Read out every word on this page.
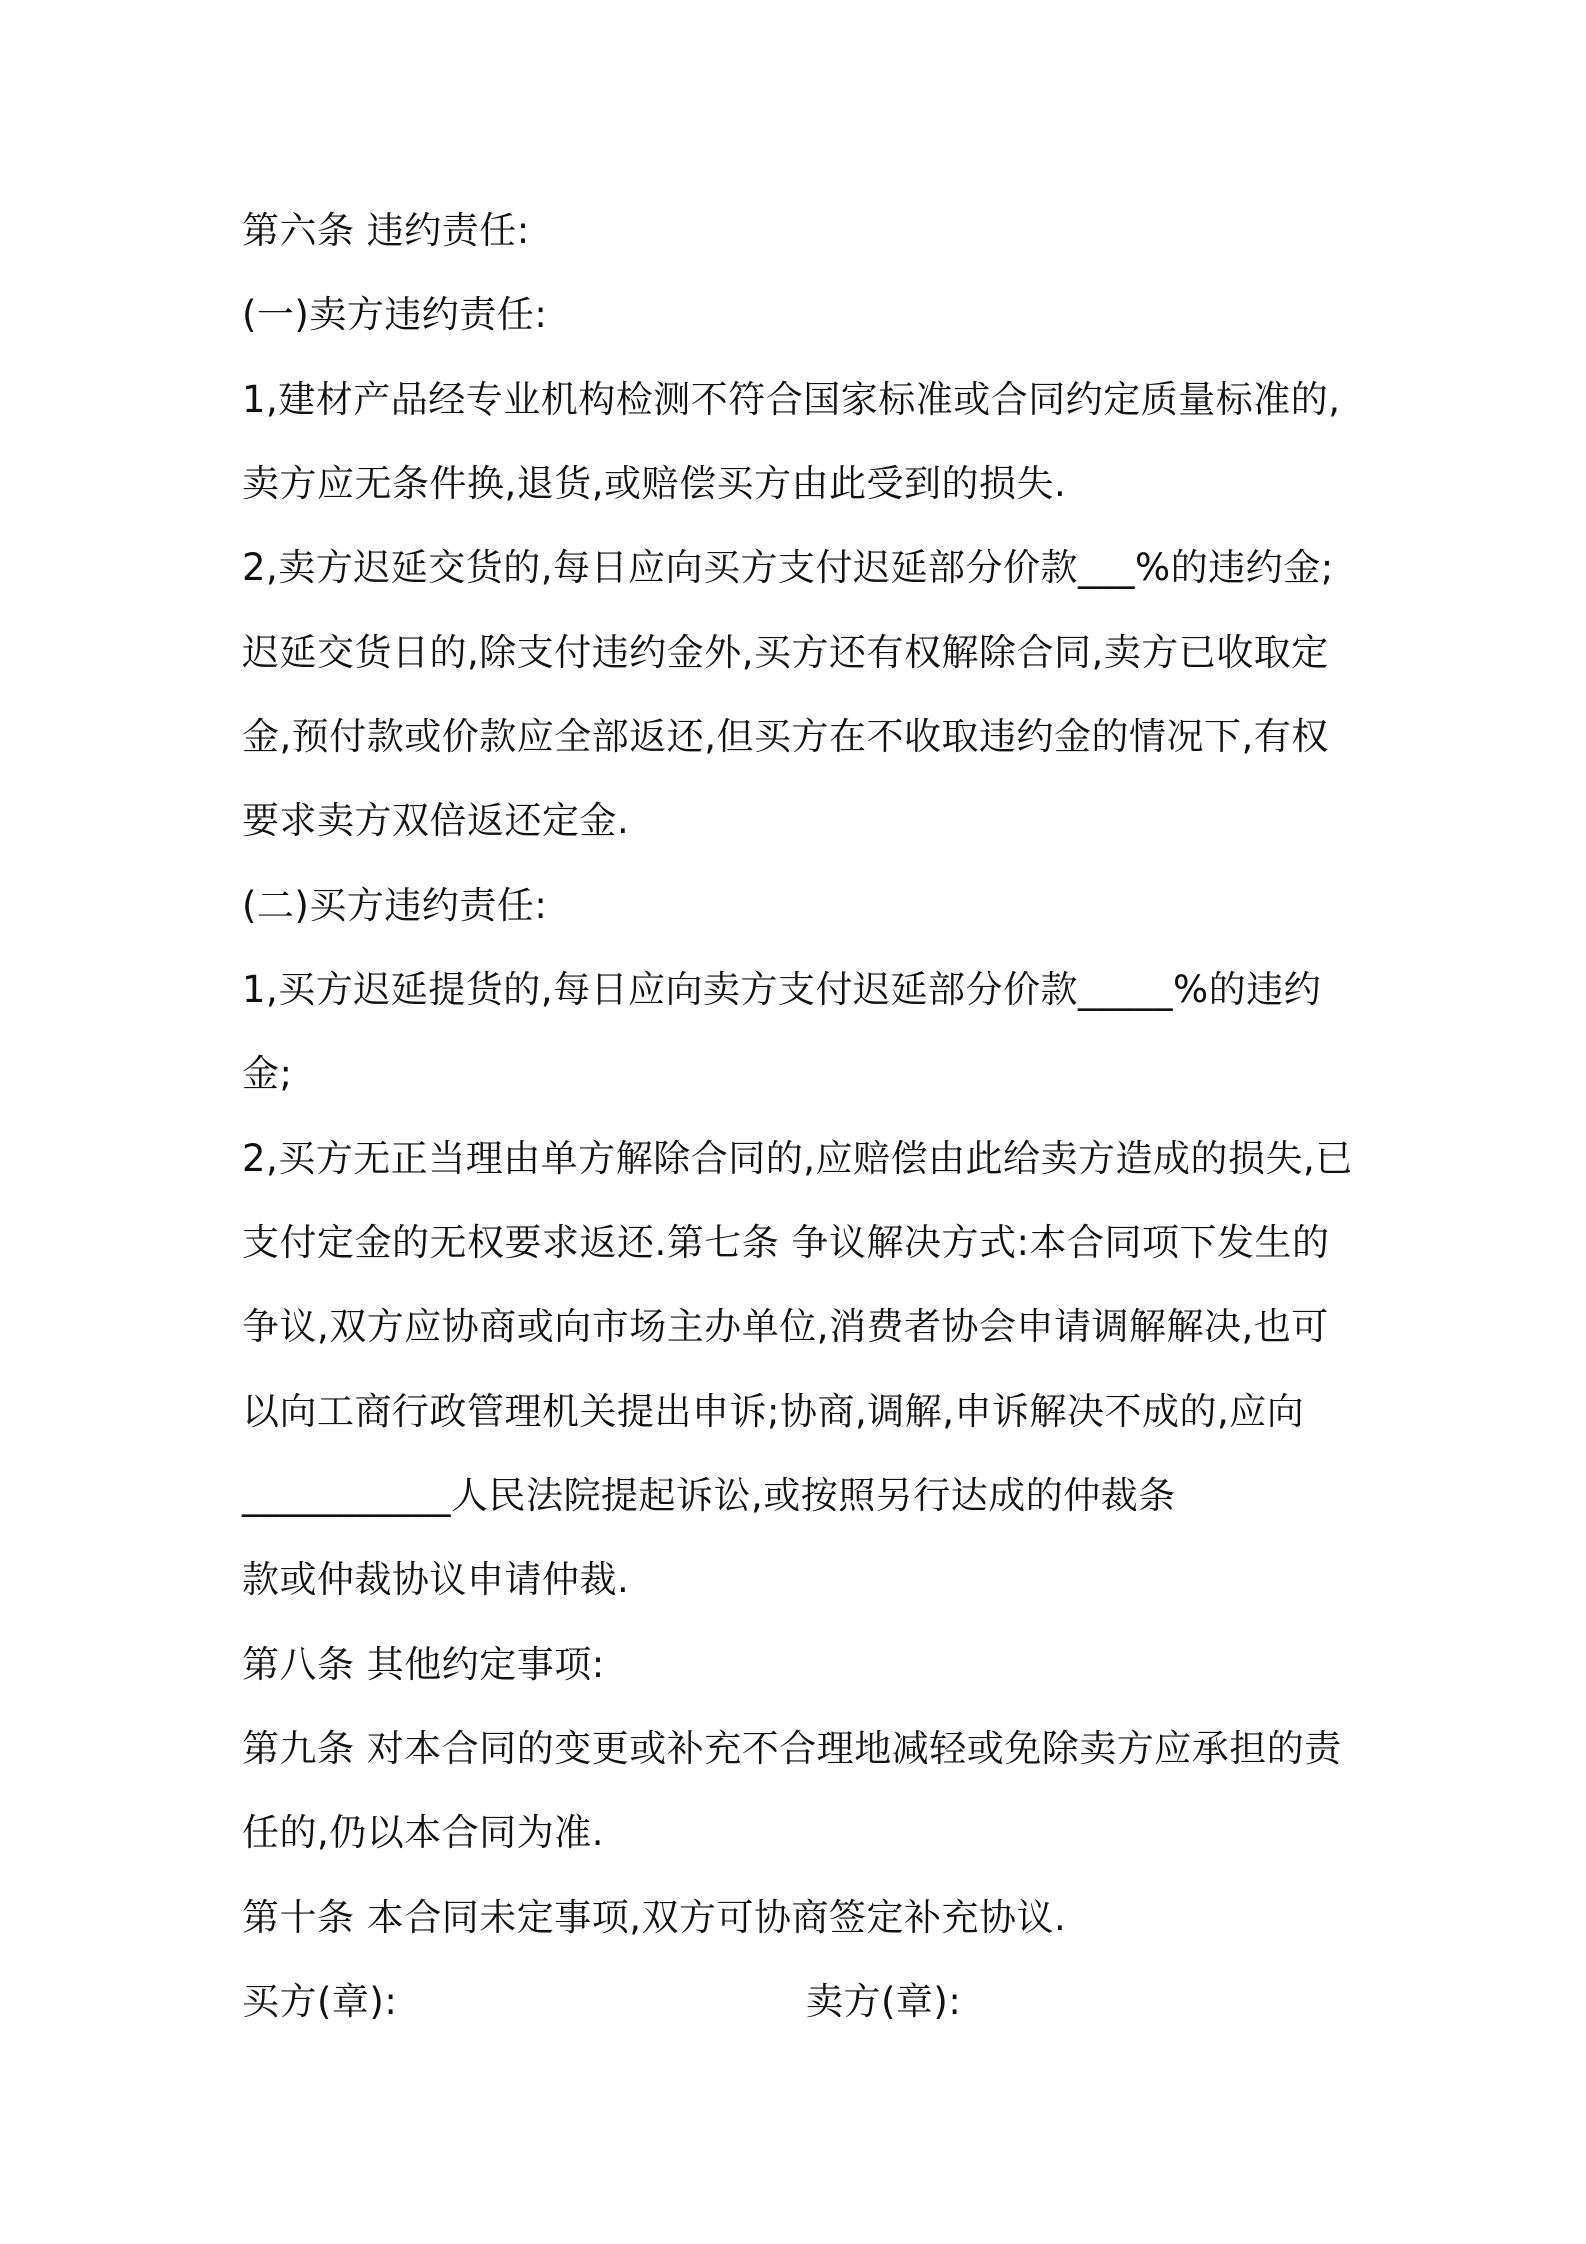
第六条 违约责任:
(一)卖方违约责任:
1,建材产品经专业机构检测不符合国家标准或合同约定质量标准的,
卖方应无条件换,退货,或赔偿买方由此受到的损失.
2,卖方迟延交货的,每日应向买方支付迟延部分价款___%的违约金;
迟延交货日的,除支付违约金外,买方还有权解除合同,卖方已收取定
金,预付款或价款应全部返还,但买方在不收取违约金的情况下,有权
要求卖方双倍返还定金.
(二)买方违约责任:
1,买方迟延提货的,每日应向卖方支付迟延部分价款_____%的违约
金;
2,买方无正当理由单方解除合同的,应赔偿由此给卖方造成的损失,已
支付定金的无权要求返还.第七条 争议解决方式:本合同项下发生的
争议,双方应协商或向市场主办单位,消费者协会申请调解解决,也可
以向工商行政管理机关提出申诉;协商,调解,申诉解决不成的,应向
___________人民法院提起诉讼,或按照另行达成的仲裁条
款或仲裁协议申请仲裁.
第八条 其他约定事项:
第九条 对本合同的变更或补充不合理地减轻或免除卖方应承担的责
任的,仍以本合同为准.
第十条 本合同未定事项,双方可协商签定补充协议.
买方(章):	卖方(章):
